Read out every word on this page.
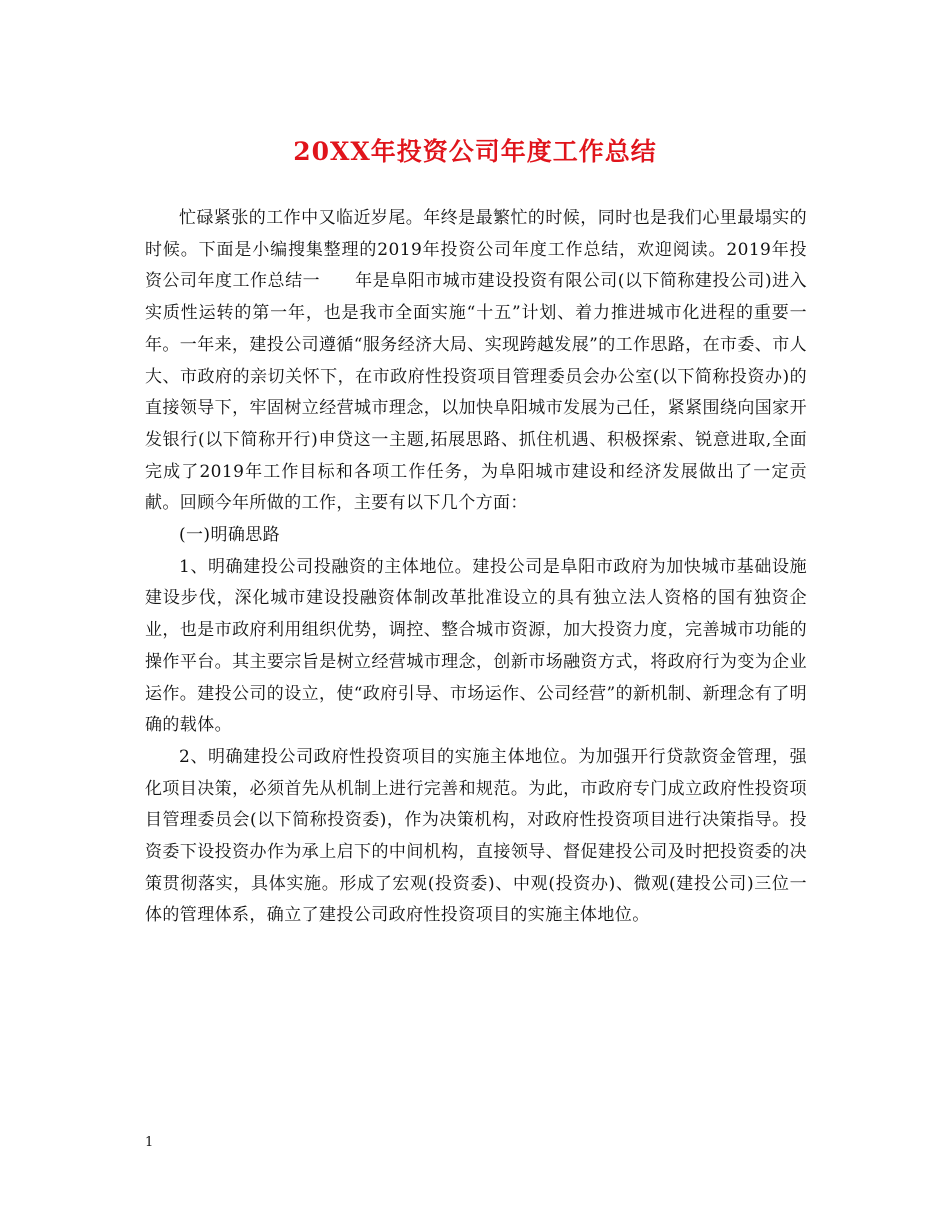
20XX年投资公司年度工作总结

忙碌紧张的工作中又临近岁尾。年终是最繁忙的时候，同时也是我们心里最塌实的时候。下面是小编搜集整理的2019年投资公司年度工作总结，欢迎阅读。2019年投资公司年度工作总结一　　年是阜阳市城市建设投资有限公司(以下简称建投公司)进入实质性运转的第一年，也是我市全面实施“十五”计划、着力推进城市化进程的重要一年。一年来，建投公司遵循“服务经济大局、实现跨越发展”的工作思路，在市委、市人大、市政府的亲切关怀下，在市政府性投资项目管理委员会办公室(以下简称投资办)的直接领导下，牢固树立经营城市理念，以加快阜阳城市发展为己任，紧紧围绕向国家开发银行(以下简称开行)申贷这一主题,拓展思路、抓住机遇、积极探索、锐意进取,全面完成了2019年工作目标和各项工作任务，为阜阳城市建设和经济发展做出了一定贡献。回顾今年所做的工作，主要有以下几个方面：

(一)明确思路

1、明确建投公司投融资的主体地位。建投公司是阜阳市政府为加快城市基础设施建设步伐，深化城市建设投融资体制改革批准设立的具有独立法人资格的国有独资企业，也是市政府利用组织优势，调控、整合城市资源，加大投资力度，完善城市功能的操作平台。其主要宗旨是树立经营城市理念，创新市场融资方式，将政府行为变为企业运作。建投公司的设立，使“政府引导、市场运作、公司经营”的新机制、新理念有了明确的载体。

2、明确建投公司政府性投资项目的实施主体地位。为加强开行贷款资金管理，强化项目决策，必须首先从机制上进行完善和规范。为此，市政府专门成立政府性投资项目管理委员会(以下简称投资委)，作为决策机构，对政府性投资项目进行决策指导。投资委下设投资办作为承上启下的中间机构，直接领导、督促建投公司及时把投资委的决策贯彻落实，具体实施。形成了宏观(投资委)、中观(投资办)、微观(建投公司)三位一体的管理体系，确立了建投公司政府性投资项目的实施主体地位。

1
